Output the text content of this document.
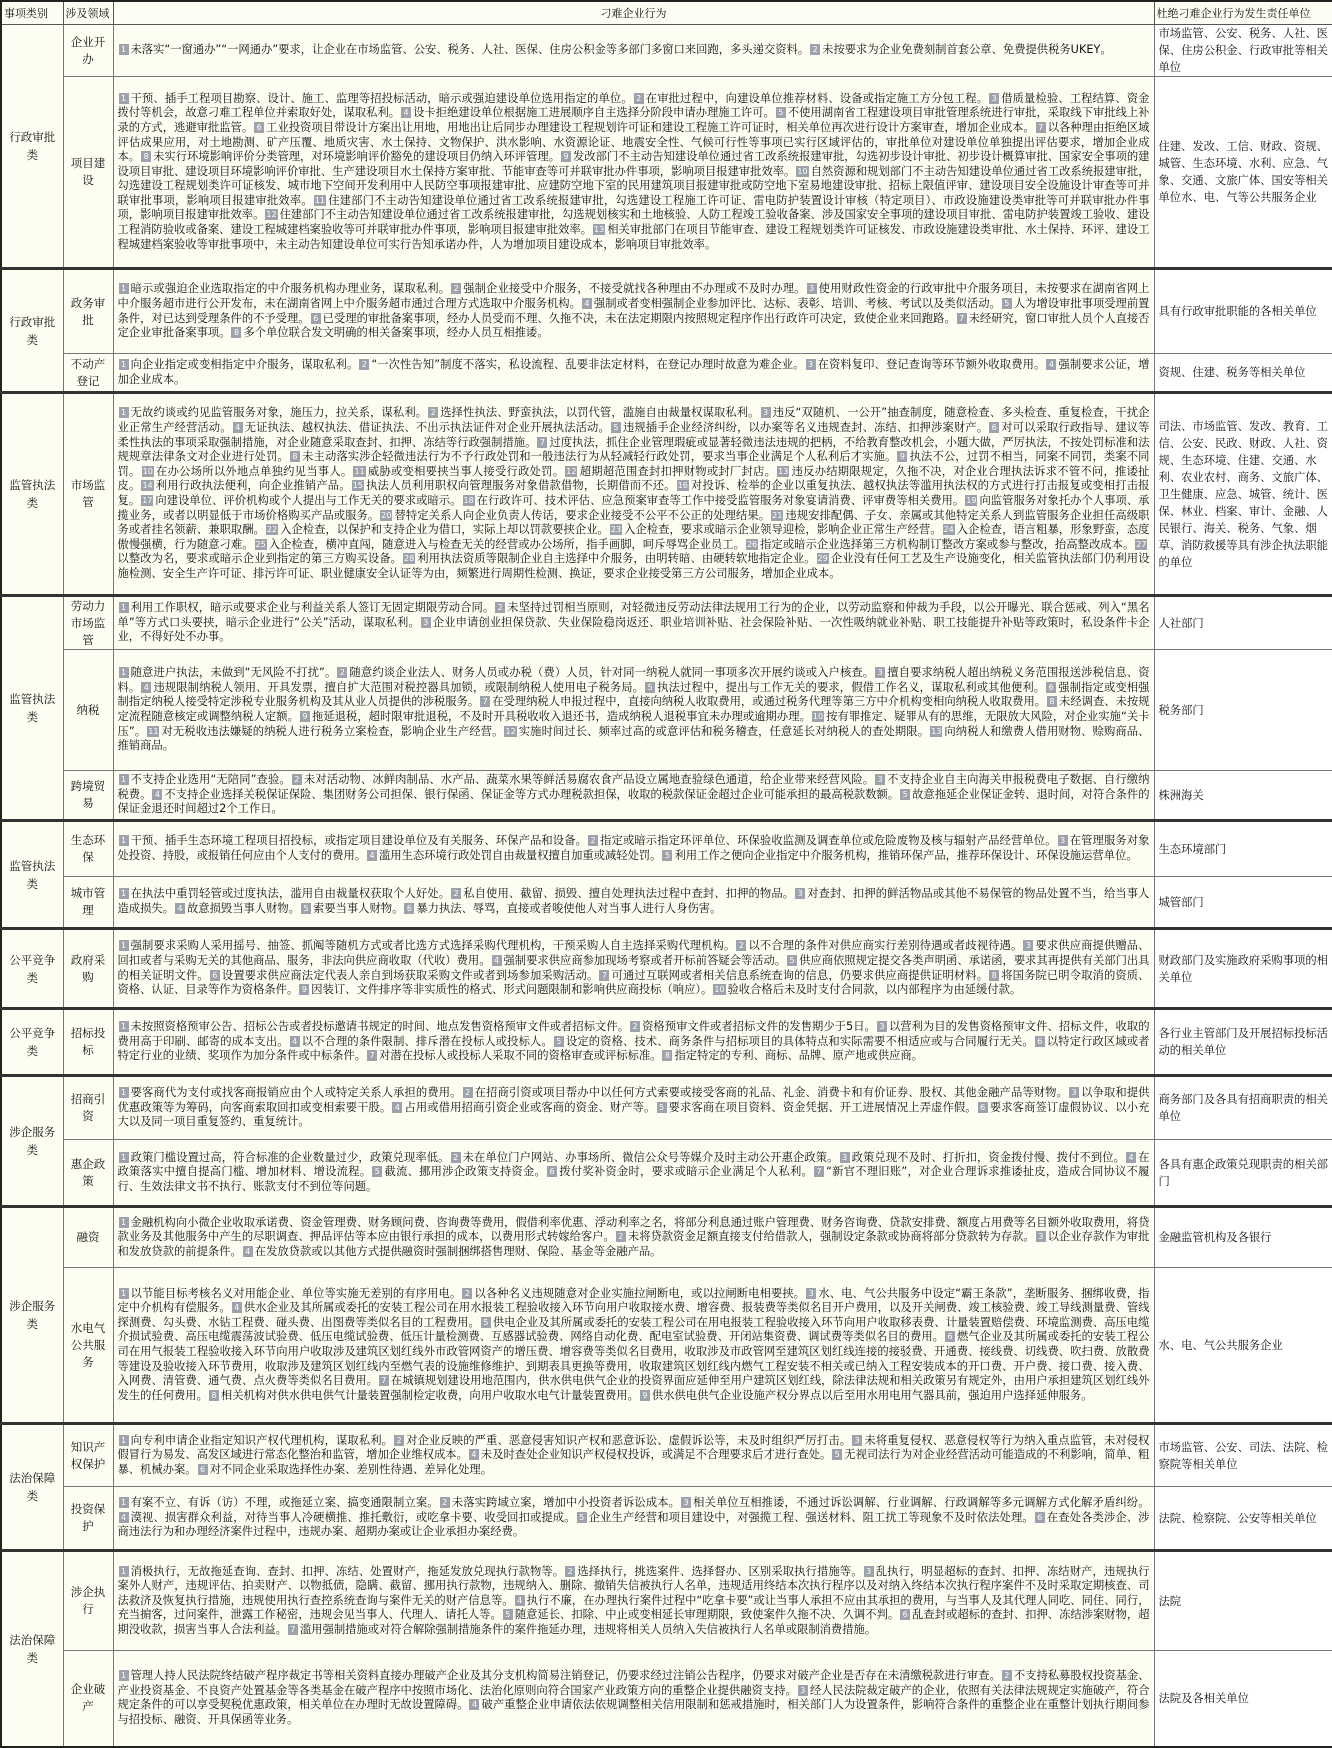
事项类别	涉及领域	刁难企业行为	杜绝刁难企业行为发生责任单位
行政审批类	企业开办	1 未落实“一窗通办”“一网通办”要求，让企业在市场监管、公安、税务、人社、医保、住房公积金等多部门多窗口来回跑，多头递交资料。 2 未按要求为企业免费刻制首套公章、免费提供税务UKEY。	市场监管、公安、税务、人社、医保、住房公积金、行政审批等相关单位
	项目建设	1 干预、插手工程项目勘察、设计、施工、监理等招投标活动，暗示或强迫建设单位选用指定的单位。 2 在审批过程中，向建设单位推荐材料、设备或指定施工方分包工程。 3 借质量检验、工程结算、资金拨付等机会，故意刁难工程单位并索取好处，谋取私利。 4 设卡拒绝建设单位根据施工进展顺序自主选择分阶段申请办理施工许可。 5 不使用湖南省工程建设项目审批管理系统进行审批，采取线下审批线上补录的方式，逃避审批监管。 6 工业投资项目带设计方案出让用地，用地出让后同步办理建设工程规划许可证和建设工程施工许可证时，相关单位再次进行设计方案审查，增加企业成本。 7 以各种理由拒绝区域评估成果应用，对土地勘测、矿产压覆、地质灾害、水土保持、文物保护、洪水影响、水资源论证、地震安全性、气候可行性等事项已实行区域评估的，审批单位对建设单位单独提出评估要求，增加企业成本。 8 未实行环境影响评价分类管理，对环境影响评价豁免的建设项目仍纳入环评管理。 9 发改部门不主动告知建设单位通过省工改系统报建审批，勾选初步设计审批、初步设计概算审批、国家安全事项的建设项目审批、建设项目环境影响评价审批、生产建设项目水土保持方案审批、节能审查等可并联审批办件事项，影响项目报建审批效率。 10 自然资源和规划部门不主动告知建设单位通过省工改系统报建审批，勾选建设工程规划类许可证核发、城市地下空间开发利用中人民防空事项报建审批、应建防空地下室的民用建筑项目报建审批或防空地下室易地建设审批、招标上限值评审、建设项目安全设施设计审查等可并联审批事项，影响项目报建审批效率。 11 住建部门不主动告知建设单位通过省工改系统报建审批，勾选建设工程施工许可证、雷电防护装置设计审核（特定项目）、市政设施建设类审批等可并联审批办件事项，影响项目报建审批效率。 12 住建部门不主动告知建设单位通过省工改系统报建审批，勾选规划核实和土地核验、人防工程竣工验收备案、涉及国家安全事项的建设项目审批、雷电防护装置竣工验收、建设工程消防验收或备案、建设工程城建档案验收等可并联审批办件事项，影响项目报建审批效率。 13 相关审批部门在项目节能审查、建设工程规划类许可证核发、市政设施建设类审批、水土保持、环评、建设工程城建档案验收等审批事项中，未主动告知建设单位可实行告知承诺办件，人为增加项目建设成本，影响项目审批效率。	住建、发改、工信、财政、资规、城管、生态环境、水利、应急、气象、交通、文旅广体、国安等相关单位水、电、气等公共服务企业
行政审批类	政务审批	1 暗示或强迫企业选取指定的中介服务机构办理业务，谋取私利。 2 强制企业接受中介服务，不接受就找各种理由不办理或不及时办理。 3 使用财政性资金的行政审批中介服务项目，未按要求在湖南省网上中介服务超市进行公开发布，未在湖南省网上中介服务超市通过合理方式选取中介服务机构。 4 强制或者变相强制企业参加评比、达标、表彰、培训、考核、考试以及类似活动。 5 人为增设审批事项受理前置条件，对已达到受理条件的不予受理。 6 已受理的审批备案事项，经办人员受而不理、久拖不决，未在法定期限内按照规定程序作出行政许可决定，致使企业来回跑路。 7 未经研究，窗口审批人员个人直接否定企业审批备案事项。 8 多个单位联合发文明确的相关备案事项，经办人员互相推诿。	具有行政审批职能的各相关单位
	不动产登记	1 向企业指定或变相指定中介服务，谋取私利。 2 “一次性告知”制度不落实，私设流程、乱要非法定材料，在登记办理时故意为难企业。 3 在资料复印、登记查询等环节额外收取费用。 4 强制要求公证，增加企业成本。	资规、住建、税务等相关单位
监管执法类	市场监管	1 无故约谈或约见监管服务对象，施压力，拉关系，谋私利。 2 选择性执法、野蛮执法，以罚代管，滥施自由裁量权谋取私利。 3 违反“双随机、一公开”抽查制度，随意检查、多头检查、重复检查，干扰企业正常生产经营活动。 4 无证执法、越权执法、借证执法、不出示执法证件对企业开展执法活动。 5 违规插手企业经济纠纷，以办案等名义违规查封、冻结、扣押涉案财产。 6 对可以采取行政指导、建议等柔性执法的事项采取强制措施，对企业随意采取查封、扣押、冻结等行政强制措施。 7 过度执法，抓住企业管理瑕疵或显著轻微违法违规的把柄，不给教育整改机会，小题大做，严厉执法，不按处罚标准和法规规章法律条文对企业进行处罚。 8 未主动落实涉企轻微违法行为不予行政处罚和一般违法行为从轻减轻行政处罚，要求当事企业满足个人私利后才实施。 9 执法不公，过罚不相当，同案不同罚，类案不同罚。 10 在办公场所以外地点单独约见当事人。 11 威胁或变相要挟当事人接受行政处罚。 12 超期超范围查封扣押财物或封厂封店。 13 违反办结期限规定，久拖不决，对企业合理执法诉求不管不问，推诿扯皮。 14 利用行政执法便利，向企业推销产品。 15 执法人员利用职权向管理服务对象借款借物，长期借而不还。 16 对投诉、检举的企业以重复执法、越权执法等滥用执法权的方式进行打击报复或变相打击报复。 17 向建设单位、评价机构或个人提出与工作无关的要求或暗示。 18 在行政许可、技术评估、应急预案审查等工作中接受监管服务对象宴请消费、评审费等相关费用。 19 向监管服务对象托办个人事项、承揽业务，或者以明显低于市场价格购买产品或服务。 20 替特定关系人向企业负责人传话，要求企业接受不公平不公正的处理结果。 21 违规安排配偶、子女、亲属或其他特定关系人到监管服务企业担任高级职务或者挂名领薪、兼职取酬。 22 入企检查，以保护和支持企业为借口，实际上却以罚款要挟企业。 23 入企检查，要求或暗示企业领导迎检，影响企业正常生产经营。 24 入企检查，语言粗暴，形象野蛮，态度傲慢强横，行为随意刁难。 25 入企检查，横冲直闯，随意进入与检查无关的经营或办公场所，指手画脚，呵斥辱骂企业员工。 26 指定或暗示企业选择第三方机构制订整改方案或参与整改，抬高整改成本。 27以整改为名，要求或暗示企业到指定的第三方购买设备。 28 利用执法资质等限制企业自主选择中介服务，由明转暗、由硬转软地指定企业。 29 企业没有任何工艺及生产设施变化，相关监管执法部门仍利用设施检测、安全生产许可证、排污许可证、职业健康安全认证等为由，频繁进行周期性检测、换证，要求企业接受第三方公司服务，增加企业成本。	司法、市场监管、发改、教育、工信、公安、民政、财政、人社、资规、生态环境、住建、交通、水利、农业农村、商务、文旅广体、卫生健康、应急、城管、统计、医保、林业、档案、审计、金融、人民银行、海关、税务、气象、烟草、消防救援等具有涉企执法职能的单位
监管执法类	劳动力市场监管	1 利用工作职权，暗示或要求企业与利益关系人签订无固定期限劳动合同。 2 未坚持过罚相当原则，对轻微违反劳动法律法规用工行为的企业，以劳动监察和仲裁为手段，以公开曝光、联合惩戒、列入“黑名单”等方式口头要挟，暗示企业进行“公关”活动，谋取私利。 3 企业申请创业担保贷款、失业保险稳岗返还、职业培训补贴、社会保险补贴、一次性吸纳就业补贴、职工技能提升补贴等政策时，私设条件卡企业，不得好处不办事。	人社部门
	纳税	1 随意进户执法，未做到“无风险不打扰”。 2 随意约谈企业法人、财务人员或办税（费）人员，针对同一纳税人就同一事项多次开展约谈或入户核查。 3 擅自要求纳税人超出纳税义务范围报送涉税信息、资料。 4 违规限制纳税人领用、开具发票，擅自扩大范围对税控器具加锁，或限制纳税人使用电子税务局。 5 执法过程中，提出与工作无关的要求，假借工作名义，谋取私利或其他便利。 6 强制指定或变相强制指定纳税人接受特定涉税专业服务机构及其从业人员提供的涉税服务。 7 在受理纳税人申报过程中，直接向纳税人收取费用，或通过税务代理等第三方中介机构变相向纳税人收取费用。 8 未经调查、未按规定流程随意核定或调整纳税人定额。 9 拖延退税，超时限审批退税，不及时开具税收收入退还书，造成纳税人退税事宜未办理或逾期办理。 10 按有罪推定、疑罪从有的思维，无限放大风险，对企业实施“关卡压”。 11 对无税收违法嫌疑的纳税人进行税务立案检查，影响企业生产经营。 12 实施时间过长、频率过高的或意评估和税务稽查，任意延长对纳税人的查处期限。 13 向纳税人和缴费人借用财物、赊购商品、推销商品。	税务部门
	跨境贸易	1 不支持企业选用“无陪同”查验。 2 未对活动物、冰鲜肉制品、水产品、蔬菜水果等鲜活易腐农食产品设立属地查验绿色通道，给企业带来经营风险。 3 不支持企业自主向海关申报税费电子数据、自行缴纳税费。 4 不支持企业选择关税保证保险、集团财务公司担保、银行保函、保证金等方式办理税款担保，收取的税款保证金超过企业可能承担的最高税款数额。 5 故意拖延企业保证金转、退时间，对符合条件的保证金退还时间超过2个工作日。	株洲海关
监管执法类	生态环保	1 干预、插手生态环境工程项目招投标，或指定项目建设单位及有关服务、环保产品和设备。 2 指定或暗示指定环评单位、环保验收监测及调查单位或危险废物及核与辐射产品经营单位。 3 在管理服务对象处投资、持股，或报销任何应由个人支付的费用。 4 滥用生态环境行政处罚自由裁量权擅自加重或减轻处罚。 5 利用工作之便向企业指定中介服务机构，推销环保产品，推荐环保设计、环保设施运营单位。	生态环境部门
	城市管理	1 在执法中重罚轻管或过度执法，滥用自由裁量权获取个人好处。 2 私自使用、截留、损毁、擅自处理执法过程中查封、扣押的物品。 3 对查封、扣押的鲜活物品或其他不易保管的物品处置不当，给当事人造成损失。 4 故意损毁当事人财物。 5 索要当事人财物。 6 暴力执法、辱骂，直接或者唆使他人对当事人进行人身伤害。	城管部门
公平竞争类	政府采购	1 强制要求采购人采用摇号、抽签、抓阄等随机方式或者比选方式选择采购代理机构，干预采购人自主选择采购代理机构。 2 以不合理的条件对供应商实行差别待遇或者歧视待遇。 3 要求供应商提供赠品、回扣或者与采购无关的其他商品、服务，非法向供应商收取（代收）费用。 4 强制要求供应商参加现场考察或者开标前答疑会等活动。 5 供应商依照规定提交各类声明函、承诺函，要求其再提供有关部门出具的相关证明文件。 6 设置要求供应商法定代表人亲自到场获取采购文件或者到场参加采购活动。 7 可通过互联网或者相关信息系统查询的信息，仍要求供应商提供证明材料。 8 将国务院已明令取消的资质、资格、认证、目录等作为资格条件。 9 因装订、文件排序等非实质性的格式、形式问题限制和影响供应商投标（响应）。 10 验收合格后未及时支付合同款，以内部程序为由延缓付款。	财政部门及实施政府采购事项的相关单位
公平竞争类	招标投标	1 未按照资格预审公告、招标公告或者投标邀请书规定的时间、地点发售资格预审文件或者招标文件。 2 资格预审文件或者招标文件的发售期少于5日。 3 以营利为目的发售资格预审文件、招标文件，收取的费用高于印刷、邮寄的成本支出。 4 以不合理的条件限制、排斥潜在投标人或投标人。 5 设定的资格、技术、商务条件与招标项目的具体特点和实际需要不相适应或与合同履行无关。 6 以特定行政区域或者特定行业的业绩、奖项作为加分条件或中标条件。 7 对潜在投标人或投标人采取不同的资格审查或评标标准。 8 指定特定的专利、商标、品牌、原产地或供应商。	各行业主管部门及开展招标投标活动的相关单位
涉企服务类	招商引资	1 要客商代为支付或找客商报销应由个人或特定关系人承担的费用。 2 在招商引资或项目帮办中以任何方式索要或接受客商的礼品、礼金、消费卡和有价证券、股权、其他金融产品等财物。 3 以争取和提供优惠政策等为筹码，向客商索取回扣或变相索要干股。 4 占用或借用招商引资企业或客商的资金、财产等。 5 要求客商在项目资料、资金凭据、开工进展情况上弄虚作假。 6 要求客商签订虚假协议、以小充大以及同一项目重复签约、重复统计。	商务部门及各具有招商职责的相关单位
	惠企政策	1 政策门槛设置过高，符合标准的企业数量过少，政策兑现率低。 2 未在单位门户网站、办事场所、微信公众号等媒介及时主动公开惠企政策。 3 政策兑现不及时、打折扣，资金拨付慢、拨付不到位。 4 在政策落实中擅自提高门槛、增加材料、增设流程。 5 截流、挪用涉企政策支持资金。 6 拨付奖补资金时，要求或暗示企业满足个人私利。 7 “新官不理旧账”，对企业合理诉求推诿扯皮，造成合同协议不履行、生效法律文书不执行、账款支付不到位等问题。	各具有惠企政策兑现职责的相关部门
涉企服务类	融资	1 金融机构向小微企业收取承诺费、资金管理费、财务顾问费、咨询费等费用，假借利率优惠、浮动利率之名，将部分利息通过账户管理费、财务咨询费、贷款安排费、额度占用费等名目额外收取费用，将贷款业务及其他服务中产生的尽职调查、押品评估等本应由银行承担的成本，以费用形式转嫁给客户。 2 未将贷款资金足额直接支付给借款人，强制设定条款或协商将部分贷款转为存款。 3 以企业存款作为审批和发放贷款的前提条件。 4 在发放贷款或以其他方式提供融资时强制捆绑搭售理财、保险、基金等金融产品。	金融监管机构及各银行
	水电气公共服务	1 以节能目标考核名义对用能企业、单位等实施无差别的有序用电。 2 以各种名义违规随意对企业实施拉闸断电，或以拉闸断电相要挟。 3 水、电、气公共服务中设定“霸王条款”，垄断服务、捆绑收费，指定中介机构有偿服务。 4 供水企业及其所属或委托的安装工程公司在用水报装工程验收接入环节向用户收取接水费、增容费、报装费等类似名目开户费用，以及开关闸费、竣工核验费、竣工导线测量费、管线探测费、勾头费、水钻工程费、碰头费、出图费等类似名目的工程费用。 5 供电企业及其所属或委托的安装工程公司在用电报装工程验收接入环节向用户收取移表费、计量装置赔偿费、环境监测费、高压电缆介损试验费、高压电缆震荡波试验费、低压电缆试验费、低压计量检测费、互感器试验费、网络自动化费、配电室试验费、开闭站集资费、调试费等类似名目的费用。 6 燃气企业及其所属或委托的安装工程公司在用气报装工程验收接入环节向用户收取涉及建筑区划红线外市政管网资产的增压费、增容费等类似名目费用，收取涉及市政管网至建筑区划红线连接的接驳费、开通费、接线费、切线费、吹扫费、放散费等建设及验收接入环节费用，收取涉及建筑区划红线内至燃气表的设施维修维护、到期表具更换等费用，收取建筑区划红线内燃气工程安装不相关或已纳入工程安装成本的开口费、开户费、接口费、接入费、入网费、清管费、通气费、点火费等类似名目费用。 7 在城镇规划建设用地范围内，供水供电供气企业的投资界面应延伸至用户建筑区划红线，除法律法规和相关政策另有规定外，由用户承担建筑区划红线外发生的任何费用。 8 相关机构对供水供电供气计量装置强制检定收费，向用户收取水电气计量装置费用。 9 供水供电供气企业设施产权分界点以后至用水用电用气器具前，强迫用户选择延伸服务。	水、电、气公共服务企业
法治保障类	知识产权保护	1 向专利申请企业指定知识产权代理机构，谋取私利。 2 对企业反映的严重、恶意侵害知识产权和恶意诉讼、虚假诉讼等，未及时组织严厉打击。 3 未将重复侵权、恶意侵权等行为纳入重点监管，未对侵权假冒行为易发、高发区域进行常态化整治和监管，增加企业维权成本。 4 未及时查处企业知识产权侵权投诉，或满足不合理要求后才进行查处。 5 无视司法行为对企业经营活动可能造成的不利影响，简单、粗暴、机械办案。 6 对不同企业采取选择性办案、差别性待遇、差异化处理。	市场监管、公安、司法、法院、检察院等相关单位
	投资保护	1 有案不立、有诉（访）不理，或拖延立案、搞变通限制立案。 2 未落实跨域立案，增加中小投资者诉讼成本。 3 相关单位互相推诿，不通过诉讼调解、行业调解、行政调解等多元调解方式化解矛盾纠纷。4 漠视、损害群众利益，对待当事人冷硬横推、推托敷衍，或吃拿卡要、收受回扣或提成。 5 企业生产经营和项目建设中，对强揽工程、强送材料、阻工扰工等现象不及时依法处理。 6 在查处各类涉企、涉商违法行为和办理经济案件过程中，违规办案、超期办案或让企业承担办案经费。	法院、检察院、公安等相关单位
法治保障类	涉企执行	1 消极执行，无故拖延查询、查封、扣押、冻结、处置财产，拖延发放兑现执行款物等。 2 选择执行，挑选案件、选择督办、区别采取执行措施等。 3 乱执行，明显超标的查封、扣押、冻结财产，违规执行案外人财产，违规评估、拍卖财产、以物抵债，隐瞒、截留、挪用执行款物，违规纳入、删除、撤销失信被执行人名单，违规适用终结本次执行程序以及对纳入终结本次执行程序案件不及时采取定期核查、司法救济及恢复执行措施，违规使用执行查控系统查询与案件无关的财产信息等。 4 执行不廉，在办理执行案件过程中“吃拿卡要”或让当事人承担不应由其承担的费用，与当事人及其代理人同吃、同住、同行，充当掮客，过问案件，泄露工作秘密，违规会见当事人、代理人、请托人等。 5 随意延长、扣除、中止或变相延长审理期限，致使案件久拖不决、久调不判。 6 乱查封或超标的查封、扣押、冻结涉案财物，超期没收款，损害当事人合法利益。 7 滥用强制措施或对符合解除强制措施条件的案件拖延办理，违规将相关人员纳入失信被执行人名单或限制消费措施。	法院
	企业破产	1 管理人持人民法院终结破产程序裁定书等相关资料直接办理破产企业及其分支机构简易注销登记，仍要求经过注销公告程序，仍要求对破产企业是否存在未清缴税款进行审查。 2 不支持私募股权投资基金、产业投资基金、不良资产处置基金等各类基金在破产程序中按照市场化、法治化原则向符合国家产业政策方向的重整企业提供融资支持。 3 经人民法院裁定破产的企业，依照有关法律法规规定实施破产，符合规定条件的可以享受契税优惠政策，相关单位在办理时无故设置障碍。 4 破产重整企业申请依法依规调整相关信用限制和惩戒措施时，相关部门人为设置条件，影响符合条件的重整企业在重整计划执行期间参与招投标、融资、开具保函等业务。	法院及各相关单位
